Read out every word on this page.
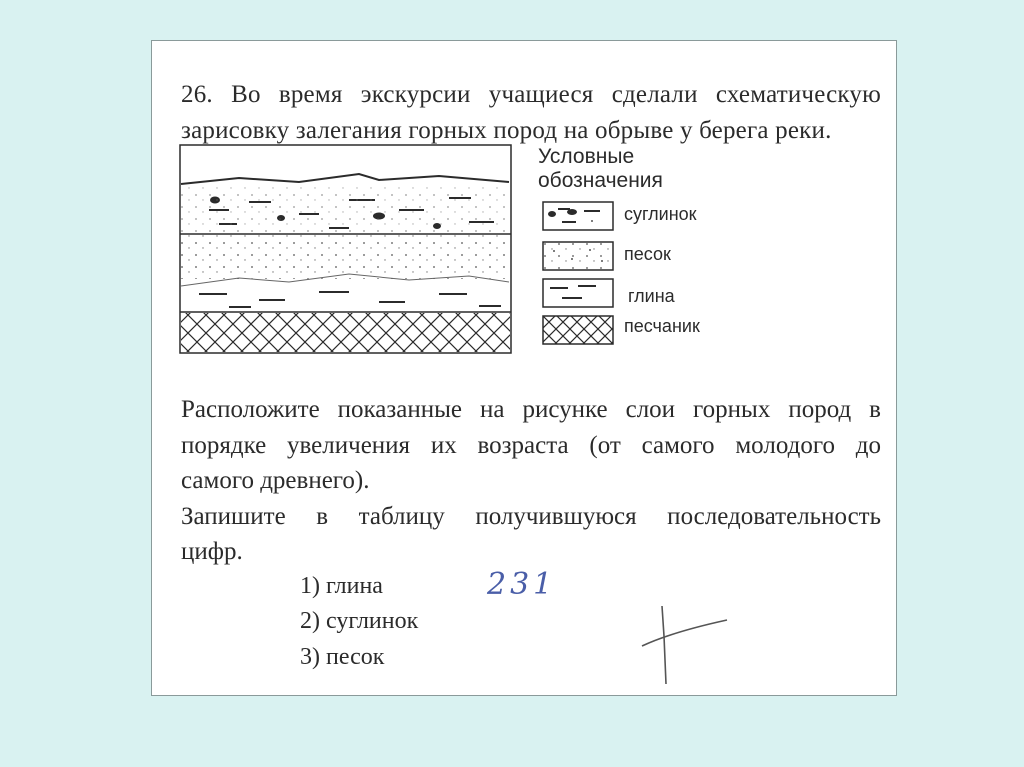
26. Во время экскурсии учащиеся сделали схематическую

зарисовку залегания горных пород на обрыве у берега реки.

Условные
обозначения
суглинок
песок
глина
песчаник

Расположите показанные на рисунке слои горных пород в

порядке увеличения их возраста (от самого молодого до

самого древнего).

Запишите в таблицу получившуюся последовательность

цифр.

1) глина
2) суглинок
3) песок
231
